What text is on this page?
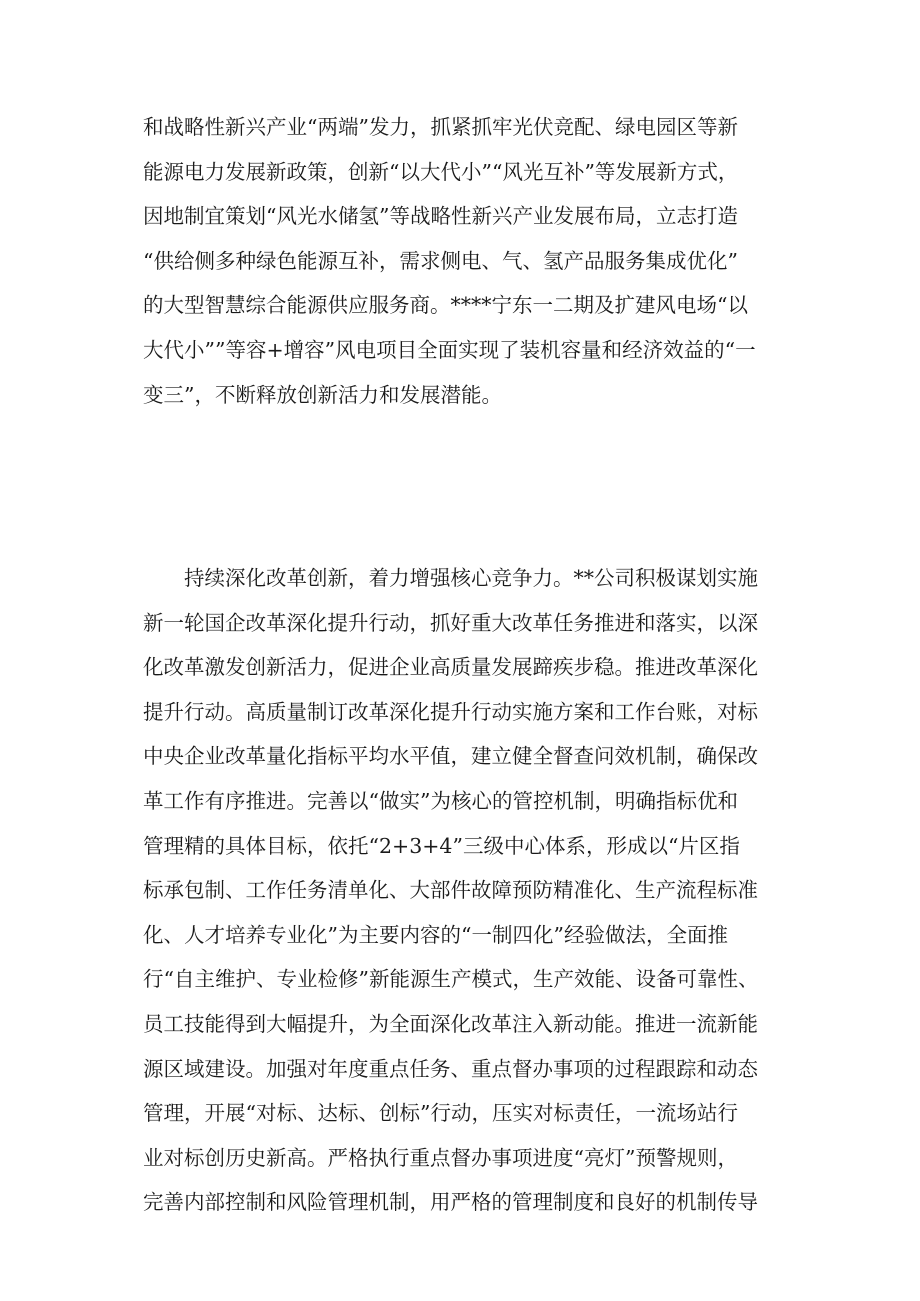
和战略性新兴产业“两端”发力，抓紧抓牢光伏竞配、绿电园区等新
能源电力发展新政策，创新“以大代小”“风光互补”等发展新方式，
因地制宜策划“风光水储氢”等战略性新兴产业发展布局，立志打造
“供给侧多种绿色能源互补，需求侧电、气、氢产品服务集成优化”
的大型智慧综合能源供应服务商。****宁东一二期及扩建风电场“以
大代小””等容+增容”风电项目全面实现了装机容量和经济效益的“一
变三”，不断释放创新活力和发展潜能。
持续深化改革创新，着力增强核心竞争力。**公司积极谋划实施
新一轮国企改革深化提升行动，抓好重大改革任务推进和落实，以深
化改革激发创新活力，促进企业高质量发展蹄疾步稳。推进改革深化
提升行动。高质量制订改革深化提升行动实施方案和工作台账，对标
中央企业改革量化指标平均水平值，建立健全督查问效机制，确保改
革工作有序推进。完善以“做实”为核心的管控机制，明确指标优和
管理精的具体目标，依托“2+3+4”三级中心体系，形成以“片区指
标承包制、工作任务清单化、大部件故障预防精准化、生产流程标准
化、人才培养专业化”为主要内容的“一制四化”经验做法，全面推
行“自主维护、专业检修”新能源生产模式，生产效能、设备可靠性、
员工技能得到大幅提升，为全面深化改革注入新动能。推进一流新能
源区域建设。加强对年度重点任务、重点督办事项的过程跟踪和动态
管理，开展“对标、达标、创标”行动，压实对标责任，一流场站行
业对标创历史新高。严格执行重点督办事项进度“亮灯”预警规则，
完善内部控制和风险管理机制，用严格的管理制度和良好的机制传导
